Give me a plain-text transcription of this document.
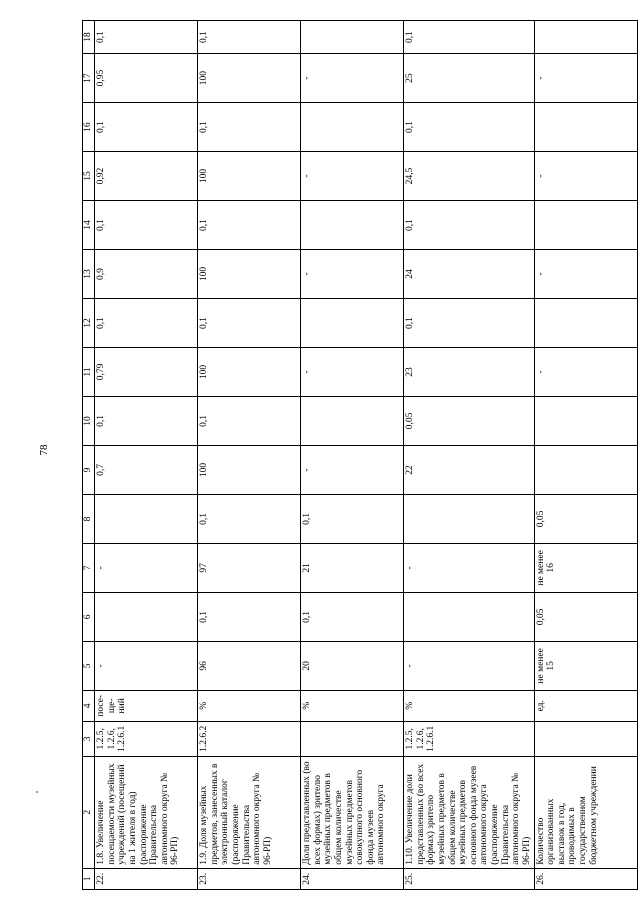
78
1	2	3	4	5	6	7	8	9	10	11	12	13	14	15	16	17	18
22.	1.8. Увеличение посещаемости музейных учреждений (посещений на 1 жителя в год) (распоряжение Правительства автономного округа № 96-РП)	1.2.5, 1.2.6, 1.2.6.1	посе-ще-ний	-		-		0,7	0,1	0,79	0,1	0,9	0,1	0,92	0,1	0,95	0,1
23.	1.9. Доля музейных предметов, занесенных в электронный каталог (распоряжение Правительства автономного округа № 96-РП)	1.2.6.2	%	96	0,1	97	0,1	100	0,1	100	0,1	100	0,1	100	0,1	100	0,1
24.	Доля представленных (во всех формах) зрителю музейных предметов в общем количестве музейных предметов совокупного основного фонда музеев автономного округа		%	20	0,1	21	0,1	-		-		-		-		-	
25.	1.10. Увеличение доли представленных (во всех формах) зрителю музейных предметов в общем количестве музейных предметов основного фонда музеев автономного округа (распоряжение Правительства автономного округа № 96-РП)	1.2.5, 1.2.6, 1.2.6.1	%	-		-		22	0,05	23	0,1	24	0,1	24,5	0,1	25	0,1
26.	Количество организованных выставок в год, проводимых в государственном бюджетном учреждении		ед.	не менее 15	0,05	не менее 16	0,05			-		-		-		-	
